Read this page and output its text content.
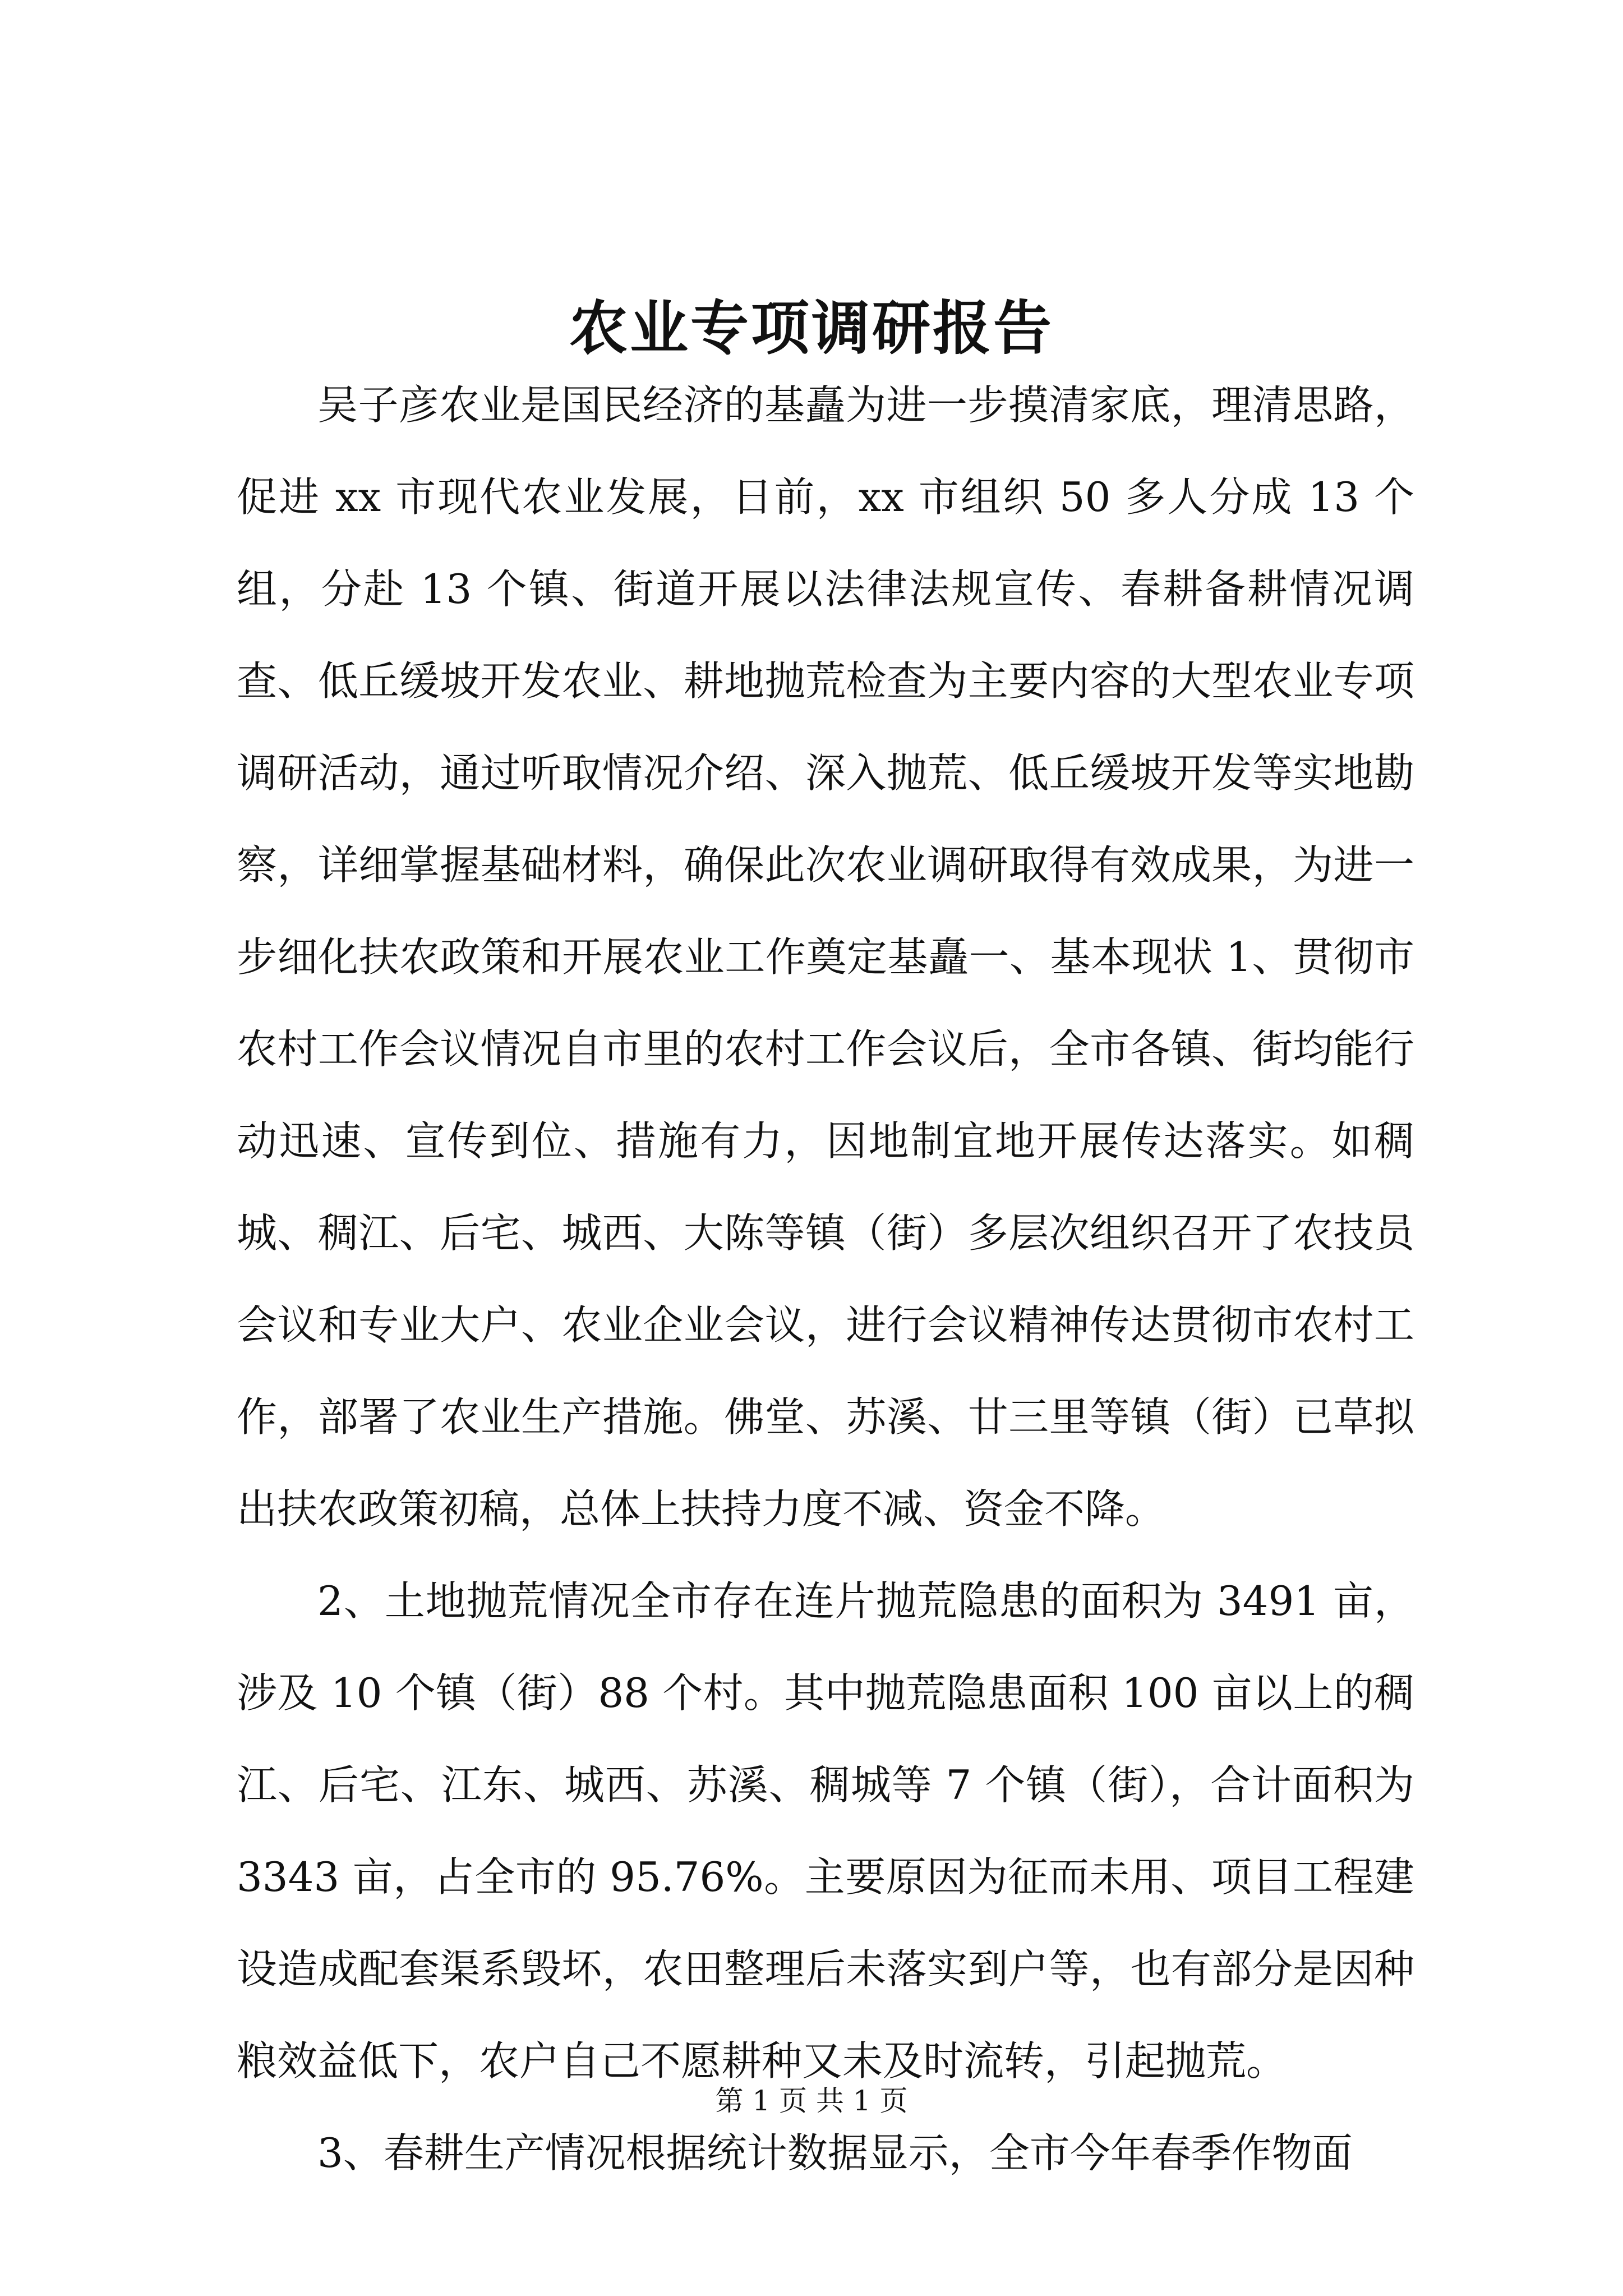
农业专项调研报告

吴子彦农业是国民经济的基矗为进一步摸清家底，理清思路，促进 xx 市现代农业发展，日前，xx 市组织 50 多人分成 13 个组，分赴 13 个镇、街道开展以法律法规宣传、春耕备耕情况调查、低丘缓坡开发农业、耕地抛荒检查为主要内容的大型农业专项调研活动，通过听取情况介绍、深入抛荒、低丘缓坡开发等实地勘察，详细掌握基础材料，确保此次农业调研取得有效成果，为进一步细化扶农政策和开展农业工作奠定基矗一、基本现状 1、贯彻市农村工作会议情况自市里的农村工作会议后，全市各镇、街均能行动迅速、宣传到位、措施有力，因地制宜地开展传达落实。如稠城、稠江、后宅、城西、大陈等镇（街）多层次组织召开了农技员会议和专业大户、农业企业会议，进行会议精神传达贯彻市农村工作，部署了农业生产措施。佛堂、苏溪、廿三里等镇（街）已草拟出扶农政策初稿，总体上扶持力度不减、资金不降。

2、土地抛荒情况全市存在连片抛荒隐患的面积为 3491 亩，涉及 10 个镇（街）88 个村。其中抛荒隐患面积 100 亩以上的稠江、后宅、江东、城西、苏溪、稠城等 7 个镇（街），合计面积为 3343 亩，占全市的 95.76%。主要原因为征而未用、项目工程建设造成配套渠系毁坏，农田整理后未落实到户等，也有部分是因种粮效益低下，农户自己不愿耕种又未及时流转，引起抛荒。

3、春耕生产情况根据统计数据显示，全市今年春季作物面

第 1 页 共 1 页
